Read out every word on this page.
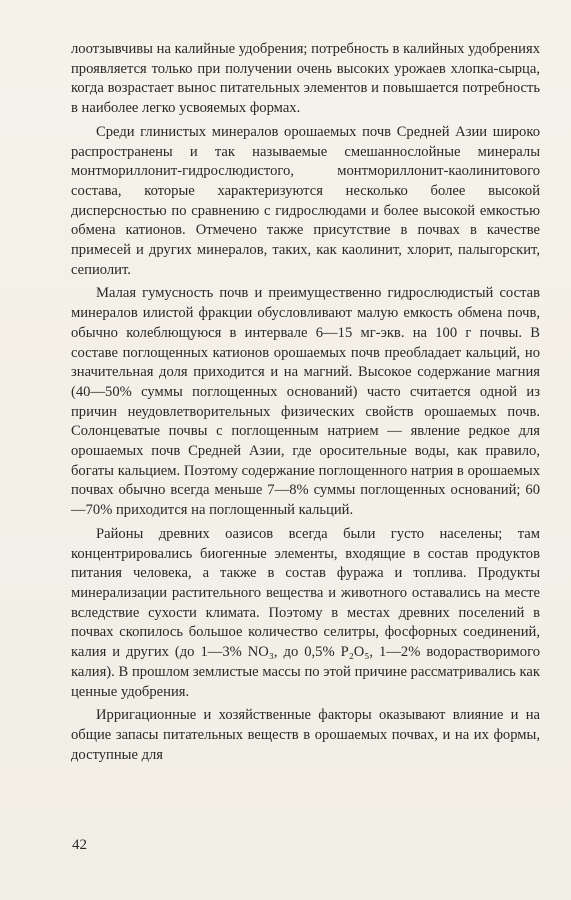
лоотзывчивы на калийные удобрения; потребность в калийных удобрениях проявляется только при получении очень высоких урожаев хлопка-сырца, когда возрастает вынос питательных элементов и повышается потребность в наиболее легко усвояемых формах.

Среди глинистых минералов орошаемых почв Средней Азии широко распространены и так называемые смешаннослойные минералы монтмориллонит-гидрослюдистого, монтмориллонит-каолинитового состава, которые характеризуются несколько более высокой дисперсностью по сравнению с гидрослюдами и более высокой емкостью обмена катионов. Отмечено также присутствие в почвах в качестве примесей и других минералов, таких, как каолинит, хлорит, палыгорскит, сепиолит.

Малая гумусность почв и преимущественно гидрослюдистый состав минералов илистой фракции обусловливают малую емкость обмена почв, обычно колеблющуюся в интервале 6—15 мг-экв. на 100 г почвы. В составе поглощенных катионов орошаемых почв преобладает кальций, но значительная доля приходится и на магний. Высокое содержание магния (40—50% суммы поглощенных оснований) часто считается одной из причин неудовлетворительных физических свойств орошаемых почв. Солонцеватые почвы с поглощенным натрием — явление редкое для орошаемых почв Средней Азии, где оросительные воды, как правило, богаты кальцием. Поэтому содержание поглощенного натрия в орошаемых почвах обычно всегда меньше 7—8% суммы поглощенных оснований; 60—70% приходится на поглощенный кальций.

Районы древних оазисов всегда были густо населены; там концентрировались биогенные элементы, входящие в состав продуктов питания человека, а также в состав фуража и топлива. Продукты минерализации растительного вещества и животного оставались на месте вследствие сухости климата. Поэтому в местах древних поселений в почвах скопилось большое количество селитры, фосфорных соединений, калия и других (до 1—3% NO₃, до 0,5% P₂O₅, 1—2% водорастворимого калия). В прошлом землистые массы по этой причине рассматривались как ценные удобрения.

Ирригационные и хозяйственные факторы оказывают влияние и на общие запасы питательных веществ в орошаемых почвах, и на их формы, доступные для

42
